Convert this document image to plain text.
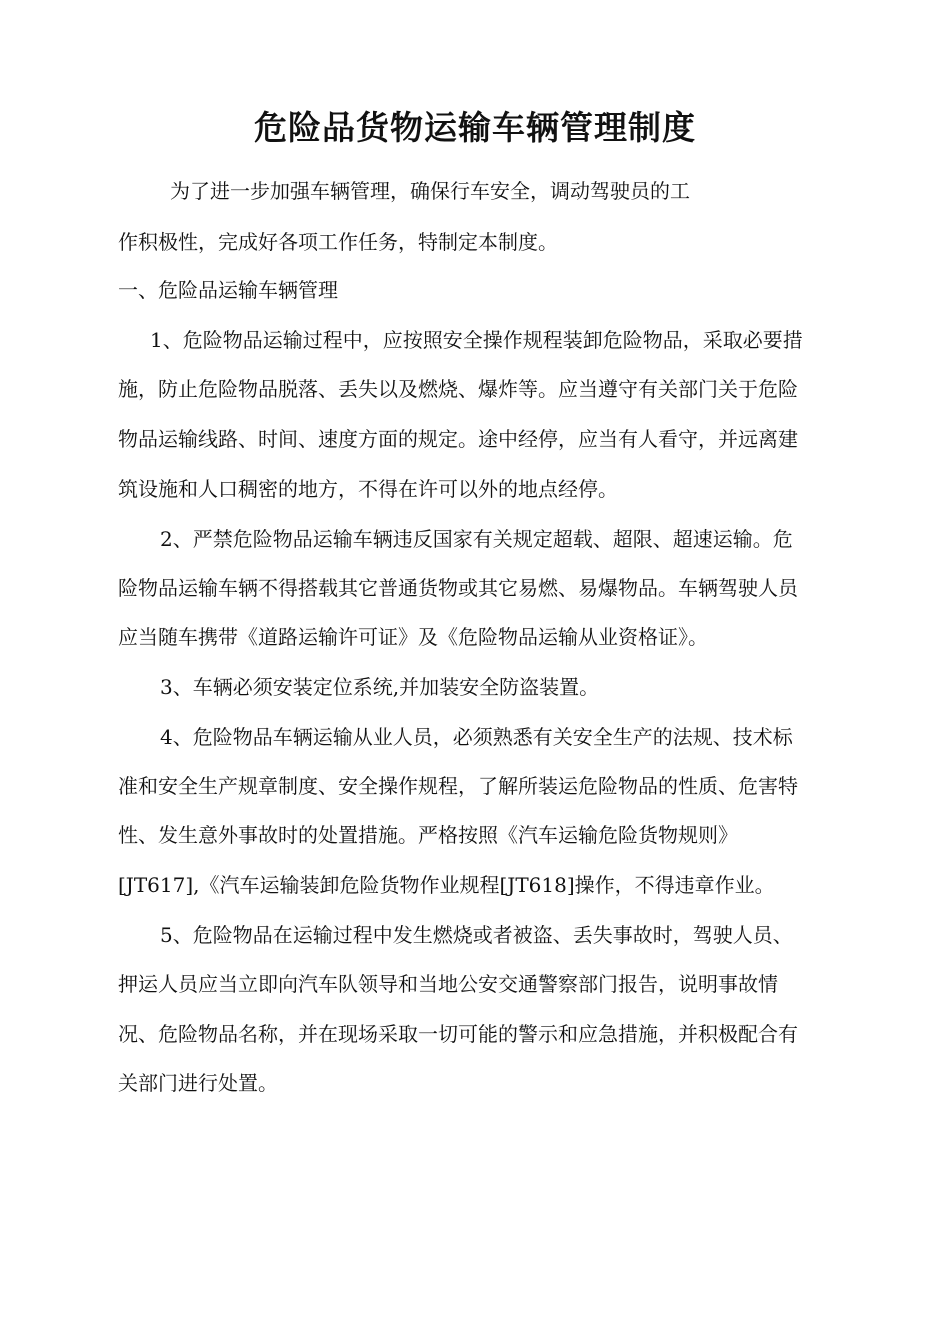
危险品货物运输车辆管理制度

为了进一步加强车辆管理，确保行车安全，调动驾驶员的工

作积极性，完成好各项工作任务，特制定本制度。

一、危险品运输车辆管理

1、危险物品运输过程中，应按照安全操作规程装卸危险物品，采取必要措

施，防止危险物品脱落、丢失以及燃烧、爆炸等。应当遵守有关部门关于危险

物品运输线路、时间、速度方面的规定。途中经停，应当有人看守，并远离建

筑设施和人口稠密的地方，不得在许可以外的地点经停。

2、严禁危险物品运输车辆违反国家有关规定超载、超限、超速运输。危

险物品运输车辆不得搭载其它普通货物或其它易燃、易爆物品。车辆驾驶人员

应当随车携带《道路运输许可证》及《危险物品运输从业资格证》。

3、车辆必须安装定位系统,并加装安全防盗装置。

4、危险物品车辆运输从业人员，必须熟悉有关安全生产的法规、技术标

准和安全生产规章制度、安全操作规程，了解所装运危险物品的性质、危害特

性、发生意外事故时的处置措施。严格按照《汽车运输危险货物规则》

[JT617],《汽车运输装卸危险货物作业规程[JT618]操作，不得违章作业。

5、危险物品在运输过程中发生燃烧或者被盗、丢失事故时，驾驶人员、

押运人员应当立即向汽车队领导和当地公安交通警察部门报告，说明事故情

况、危险物品名称，并在现场采取一切可能的警示和应急措施，并积极配合有

关部门进行处置。
